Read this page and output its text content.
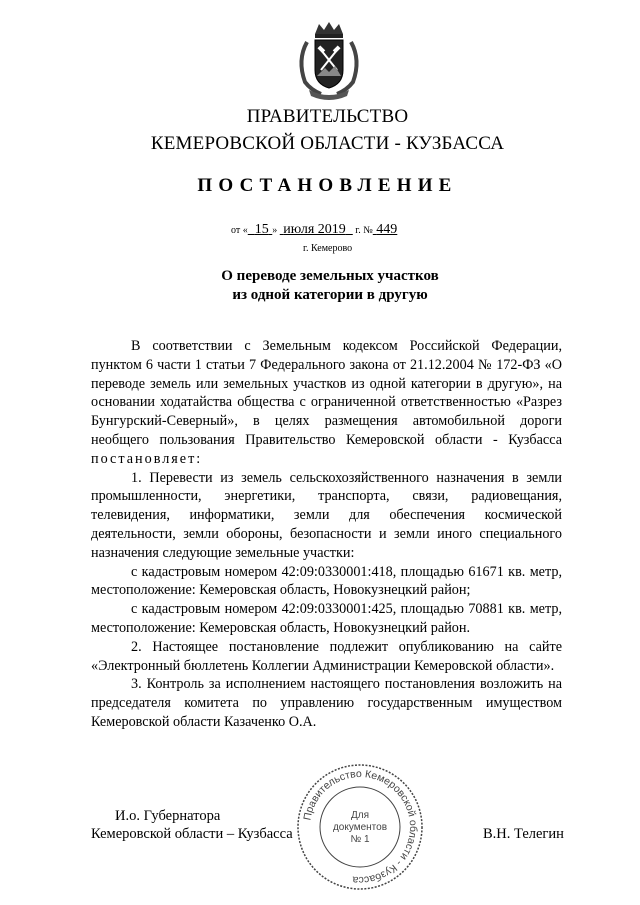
ПРАВИТЕЛЬСТВО
КЕМЕРОВСКОЙ ОБЛАСТИ - КУЗБАССА
ПОСТАНОВЛЕНИЕ
от « 15 »  июля 2019   г. № 449
г. Кемерово
О переводе земельных участков
из одной категории в другую

В соответствии с Земельным кодексом Российской Федерации, пунктом 6 части 1 статьи 7 Федерального закона от 21.12.2004 № 172-ФЗ «О переводе земель или земельных участков из одной категории в другую», на основании ходатайства общества с ограниченной ответственностью «Разрез Бунгурский-Северный», в целях размещения автомобильной дороги необщего пользования Правительство Кемеровской области - Кузбасса постановляет:

1. Перевести из земель сельскохозяйственного назначения в земли промышленности, энергетики, транспорта, связи, радиовещания, телевидения, информатики, земли для обеспечения космической деятельности, земли обороны, безопасности и земли иного специального назначения следующие земельные участки:

с кадастровым номером 42:09:0330001:418, площадью 61671 кв. метр, местоположение: Кемеровская область, Новокузнецкий район;

с кадастровым номером 42:09:0330001:425, площадью 70881 кв. метр, местоположение: Кемеровская область, Новокузнецкий район.

2. Настоящее постановление подлежит опубликованию на сайте «Электронный бюллетень Коллегии Администрации Кемеровской области».

3. Контроль за исполнением настоящего постановления возложить на председателя комитета по управлению государственным имуществом Кемеровской области Казаченко О.А.

И.о. Губернатора
Кемеровской области – Кузбасса	В.Н. Телегин
Правительство Кемеровской области - Кузбасса
Для
документов
№ 1
